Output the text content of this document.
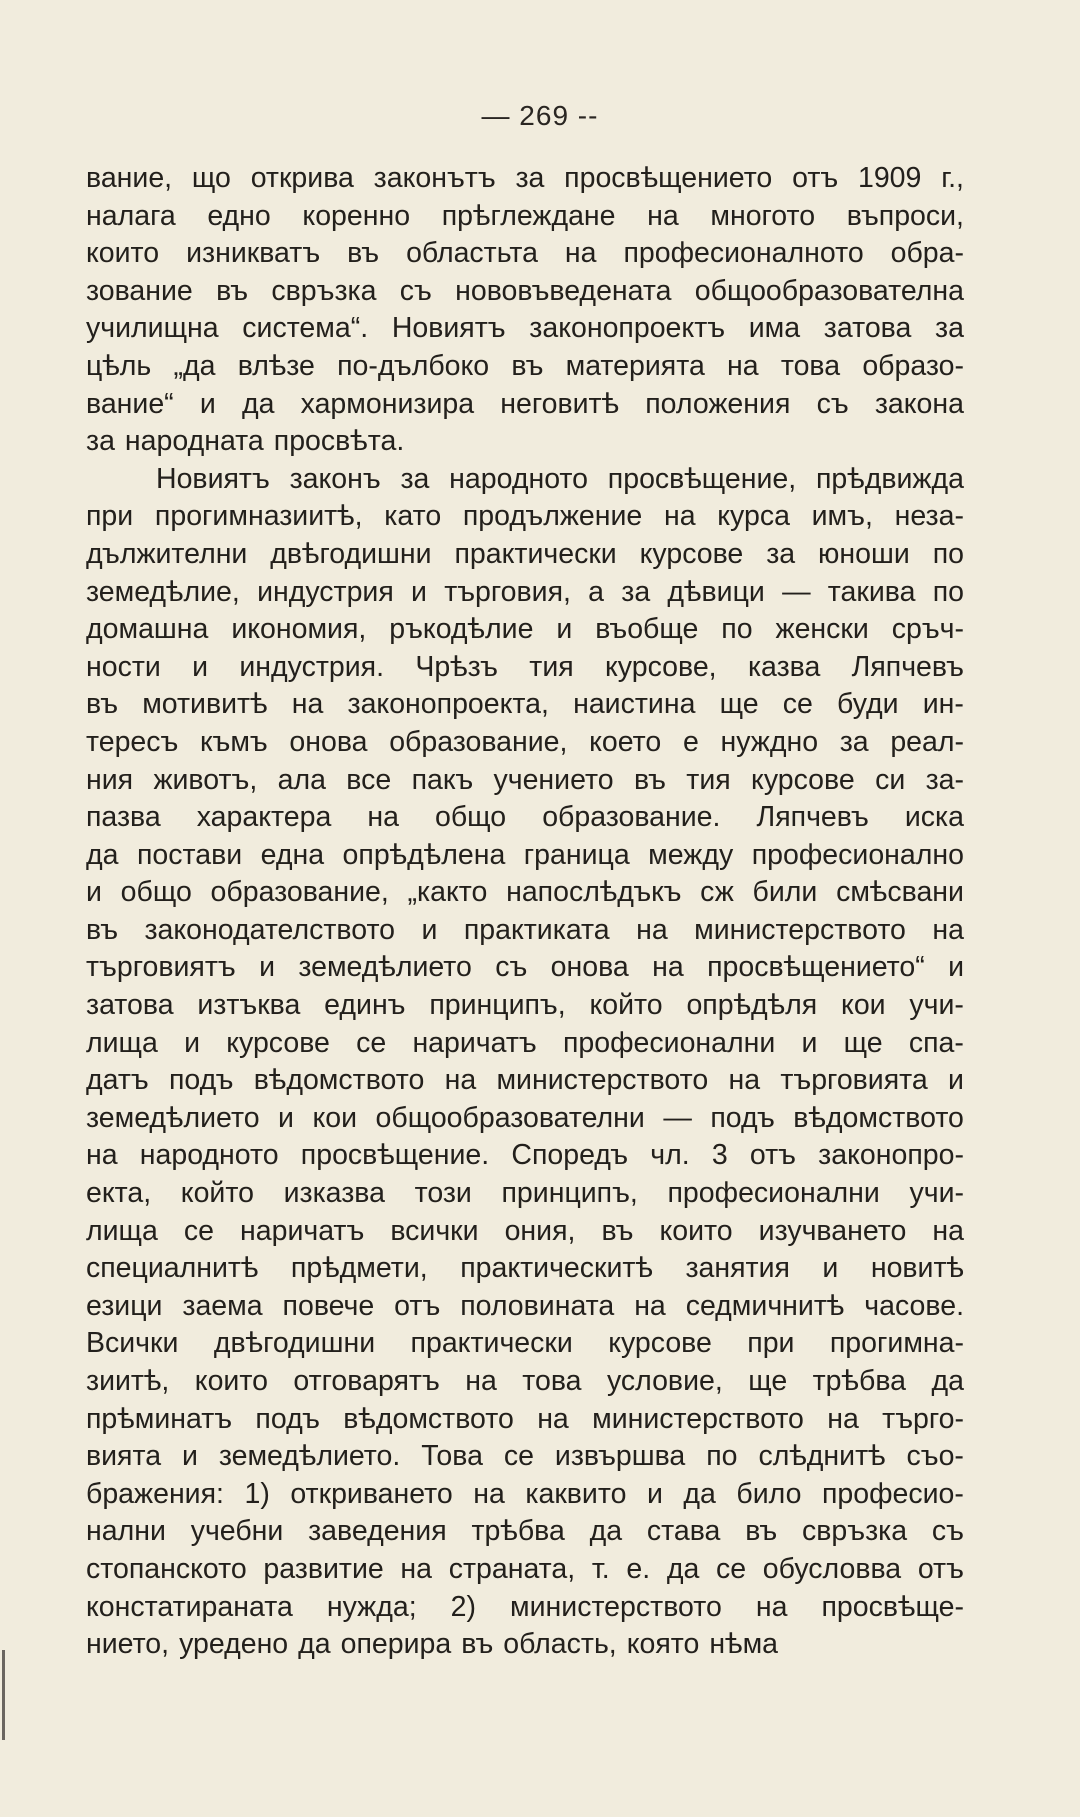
— 269 --
вание, що открива законътъ за просвѣщението отъ 1909 г.,
налага едно коренно прѣглеждане на многото въпроси,
които изникватъ въ областьта на професионалното обра-
зование въ свръзка съ нововъведената общообразователна
училищна система“. Новиятъ законопроектъ има затова за
цѣль „да влѣзе по-дълбоко въ материята на това образо-
вание“ и да хармонизира неговитѣ положения съ закона
за народната просвѣта.
Новиятъ законъ за народното просвѣщение, прѣдвижда
при прогимназиитѣ, като продължение на курса имъ, неза-
дължителни двѣгодишни практически курсове за юноши по
земедѣлие, индустрия и търговия, а за дѣвици — такива по
домашна икономия, ръкодѣлие и въобще по женски сръч-
ности и индустрия. Чрѣзъ тия курсове, казва Ляпчевъ
въ мотивитѣ на законопроекта, наистина ще се буди ин-
тересъ къмъ онова образование, което е нуждно за реал-
ния животъ, ала все пакъ учението въ тия курсове си за-
пазва характера на общо образование. Ляпчевъ иска
да постави една опрѣдѣлена граница между професионално
и общо образование, „както напослѣдъкъ сж били смѣсвани
въ законодателството и практиката на министерството на
търговиятъ и земедѣлието съ онова на просвѣщението“ и
затова изтъква единъ принципъ, който опрѣдѣля кои учи-
лища и курсове се наричатъ професионални и ще спа-
датъ подъ вѣдомството на министерството на търговията и
земедѣлието и кои общообразователни — подъ вѣдомството
на народното просвѣщение. Споредъ чл. 3 отъ законопро-
екта, който изказва този принципъ, професионални учи-
лища се наричатъ всички ония, въ които изучването на
специалнитѣ прѣдмети, практическитѣ занятия и новитѣ
езици заема повече отъ половината на седмичнитѣ часове.
Всички двѣгодишни практически курсове при прогимна-
зиитѣ, които отговарятъ на това условие, ще трѣбва да
прѣминатъ подъ вѣдомството на министерството на търго-
вията и земедѣлието. Това се извършва по слѣднитѣ съо-
бражения: 1) откриването на каквито и да било професио-
нални учебни заведения трѣбва да става въ свръзка съ
стопанското развитие на страната, т. е. да се обусловва отъ
констатираната нужда; 2) министерството на просвѣще-
нието, уредено да оперира въ область, която нѣма
